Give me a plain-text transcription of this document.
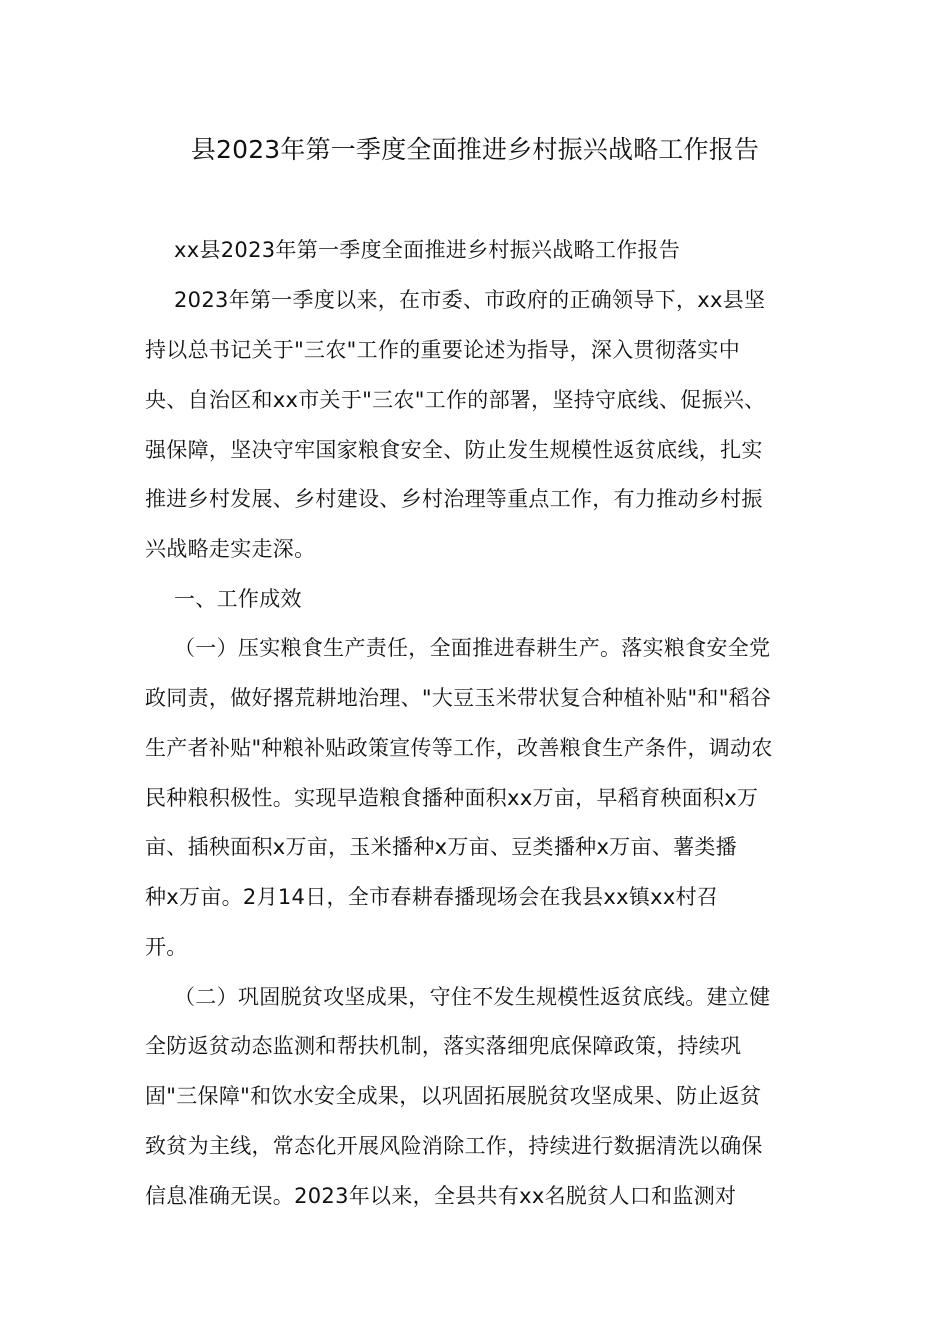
县2023年第一季度全面推进乡村振兴战略工作报告
xx县2023年第一季度全面推进乡村振兴战略工作报告
2023年第一季度以来，在市委、市政府的正确领导下，xx县坚
持以总书记关于"三农"工作的重要论述为指导，深入贯彻落实中
央、自治区和xx市关于"三农"工作的部署，坚持守底线、促振兴、
强保障，坚决守牢国家粮食安全、防止发生规模性返贫底线，扎实
推进乡村发展、乡村建设、乡村治理等重点工作，有力推动乡村振
兴战略走实走深。
一、工作成效
（一）压实粮食生产责任，全面推进春耕生产。落实粮食安全党
政同责，做好撂荒耕地治理、"大豆玉米带状复合种植补贴"和"稻谷
生产者补贴"种粮补贴政策宣传等工作，改善粮食生产条件，调动农
民种粮积极性。实现早造粮食播种面积xx万亩，早稻育秧面积x万
亩、插秧面积x万亩，玉米播种x万亩、豆类播种x万亩、薯类播
种x万亩。2月14日，全市春耕春播现场会在我县xx镇xx村召
开。
（二）巩固脱贫攻坚成果，守住不发生规模性返贫底线。建立健
全防返贫动态监测和帮扶机制，落实落细兜底保障政策，持续巩
固"三保障"和饮水安全成果，以巩固拓展脱贫攻坚成果、防止返贫
致贫为主线，常态化开展风险消除工作，持续进行数据清洗以确保
信息准确无误。2023年以来，全县共有xx名脱贫人口和监测对
